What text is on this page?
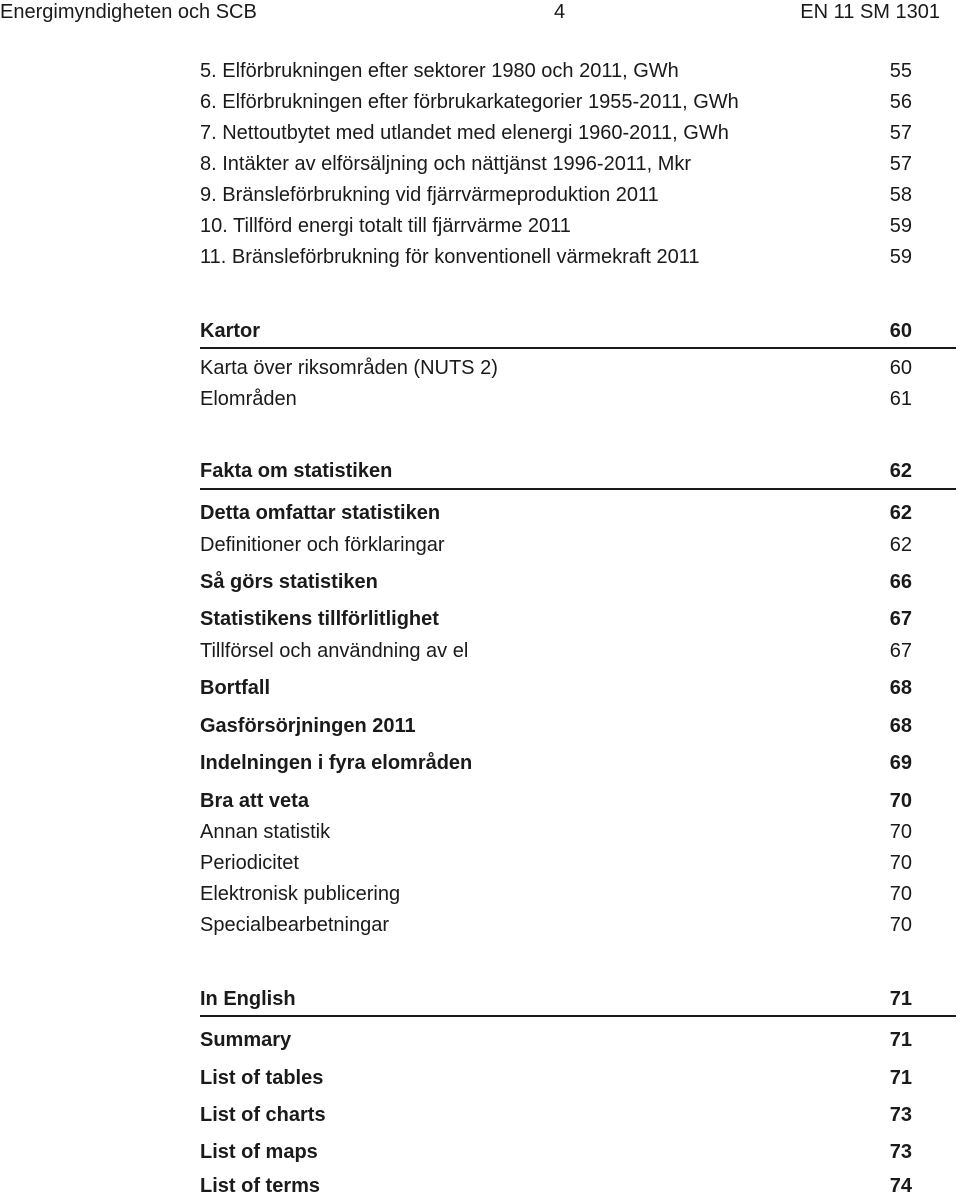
Energimyndigheten och SCB	4	EN 11 SM 1301
5. Elförbrukningen efter sektorer 1980 och 2011, GWh	55
6. Elförbrukningen efter förbrukarkategorier 1955-2011, GWh	56
7. Nettoutbytet med utlandet med elenergi 1960-2011, GWh	57
8. Intäkter av elförsäljning och nättjänst 1996-2011, Mkr	57
9. Bränsleförbrukning vid fjärrvärmeproduktion 2011	58
10. Tillförd energi totalt till fjärrvärme 2011	59
11. Bränsleförbrukning för konventionell värmekraft 2011	59
Kartor	60
Karta över riksområden (NUTS 2)	60
Elområden	61
Fakta om statistiken	62
Detta omfattar statistiken	62
Definitioner och förklaringar	62
Så görs statistiken	66
Statistikens tillförlitlighet	67
Tillförsel och användning av el	67
Bortfall	68
Gasförsörjningen 2011	68
Indelningen i fyra elområden	69
Bra att veta	70
Annan statistik	70
Periodicitet	70
Elektronisk publicering	70
Specialbearbetningar	70
In English	71
Summary	71
List of tables	71
List of charts	73
List of maps	73
List of terms	74
